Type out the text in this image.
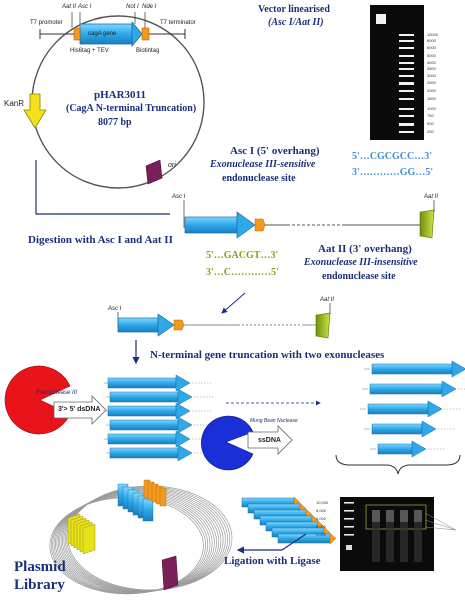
Aat II Asc I	Not I Nde I
T7 promoter	T7 terminator
cagA gene
His6tag + TEV	Biotintag
KanR
pHAR3011
(CagA N-terminal Truncation)
8077 bp
ori
Vector linearised
(Asc I/Aat II)
10000
8000
6000
5000
4000
3500
3000
2500
2000
1500
1000
750
500
250
Asc I (5' overhang)
Exonuclease III-sensitive
endonuclease site
5'…CGCGCC…3'
3'…………GG…5'
Asc I	Aat II
Digestion with Asc I and Aat II
5'…GACGT…3'
3'…C…………5'
Aat II (3' overhang)
Exonuclease III-insensitive
endonuclease site
Asc I
Aat II
N-terminal gene truncation with two exonucleases
Exonuclease III
3'> 5' dsDNA
Mung Bean Nuclease
ssDNA
10,000
8,000
6,000
5,000
4,000
Ligation with Ligase
Plasmid
Library
